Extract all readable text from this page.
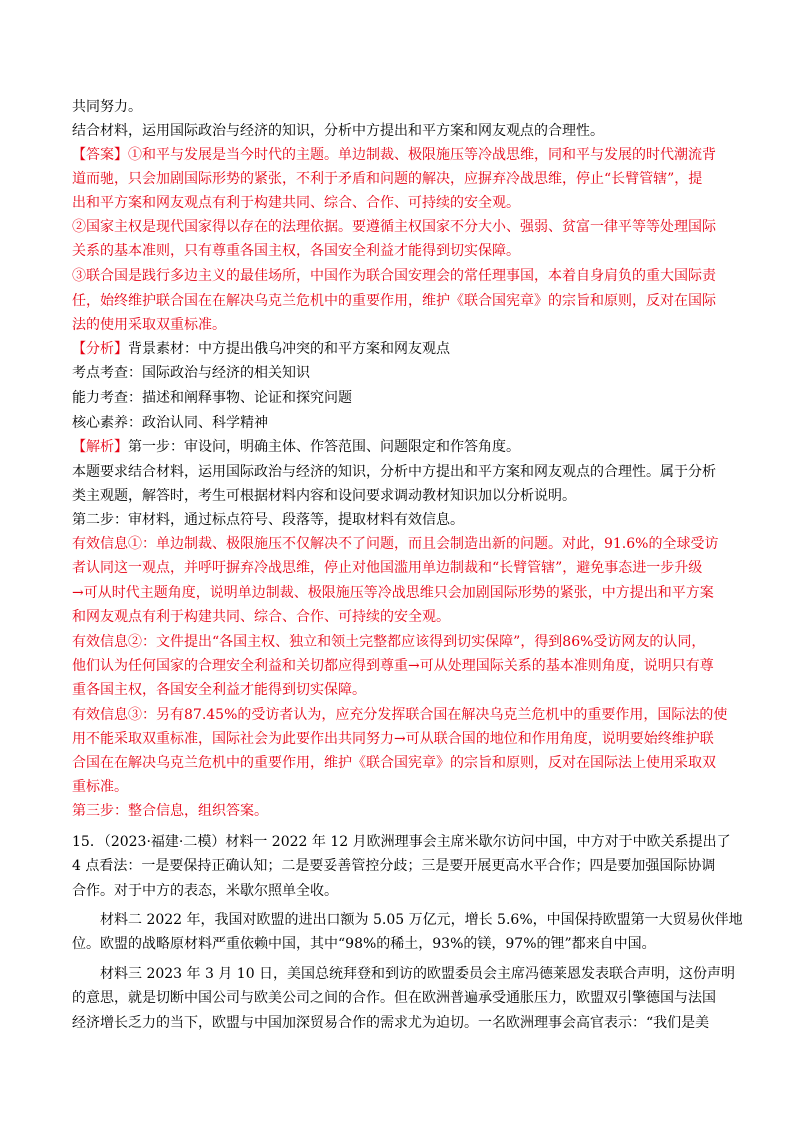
共同努力。
结合材料，运用国际政治与经济的知识，分析中方提出和平方案和网友观点的合理性。
【答案】①和平与发展是当今时代的主题。单边制裁、极限施压等冷战思维，同和平与发展的时代潮流背
道而驰，只会加剧国际形势的紧张，不利于矛盾和问题的解决，应摒弃冷战思维，停止“长臂管辖”，提
出和平方案和网友观点有利于构建共同、综合、合作、可持续的安全观。
②国家主权是现代国家得以存在的法理依据。要遵循主权国家不分大小、强弱、贫富一律平等等处理国际
关系的基本准则，只有尊重各国主权，各国安全利益才能得到切实保障。
③联合国是践行多边主义的最佳场所，中国作为联合国安理会的常任理事国，本着自身肩负的重大国际责
任，始终维护联合国在在解决乌克兰危机中的重要作用，维护《联合国宪章》的宗旨和原则，反对在国际
法的使用采取双重标准。
【分析】背景素材：中方提出俄乌冲突的和平方案和网友观点
考点考查：国际政治与经济的相关知识
能力考查：描述和阐释事物、论证和探究问题
核心素养：政治认同、科学精神
【解析】第一步：审设问，明确主体、作答范围、问题限定和作答角度。
本题要求结合材料，运用国际政治与经济的知识，分析中方提出和平方案和网友观点的合理性。属于分析
类主观题，解答时，考生可根据材料内容和设问要求调动教材知识加以分析说明。
第二步：审材料，通过标点符号、段落等，提取材料有效信息。
有效信息①：单边制裁、极限施压不仅解决不了问题，而且会制造出新的问题。对此，91.6%的全球受访
者认同这一观点，并呼吁摒弃冷战思维，停止对他国滥用单边制裁和“长臂管辖”，避免事态进一步升级
→可从时代主题角度，说明单边制裁、极限施压等冷战思维只会加剧国际形势的紧张，中方提出和平方案
和网友观点有利于构建共同、综合、合作、可持续的安全观。
有效信息②：文件提出“各国主权、独立和领土完整都应该得到切实保障”，得到86%受访网友的认同，
他们认为任何国家的合理安全利益和关切都应得到尊重→可从处理国际关系的基本准则角度，说明只有尊
重各国主权，各国安全利益才能得到切实保障。
有效信息③：另有87.45%的受访者认为，应充分发挥联合国在解决乌克兰危机中的重要作用，国际法的使
用不能采取双重标准，国际社会为此要作出共同努力→可从联合国的地位和作用角度，说明要始终维护联
合国在在解决乌克兰危机中的重要作用，维护《联合国宪章》的宗旨和原则，反对在国际法上使用采取双
重标准。
第三步：整合信息，组织答案。
15．（2023·福建·二模）材料一 2022 年 12 月欧洲理事会主席米歇尔访问中国，中方对于中欧关系提出了
4 点看法：一是要保持正确认知；二是要妥善管控分歧；三是要开展更高水平合作；四是要加强国际协调
合作。对于中方的表态，米歇尔照单全收。
　　材料二 2022 年，我国对欧盟的进出口额为 5.05 万亿元，增长 5.6%，中国保持欧盟第一大贸易伙伴地
位。欧盟的战略原材料严重依赖中国，其中“98%的稀土，93%的镁，97%的锂”都来自中国。
　　材料三 2023 年 3 月 10 日，美国总统拜登和到访的欧盟委员会主席冯德莱恩发表联合声明，这份声明
的意思，就是切断中国公司与欧美公司之间的合作。但在欧洲普遍承受通胀压力，欧盟双引擎德国与法国
经济增长乏力的当下，欧盟与中国加深贸易合作的需求尤为迫切。一名欧洲理事会高官表示：“我们是美
